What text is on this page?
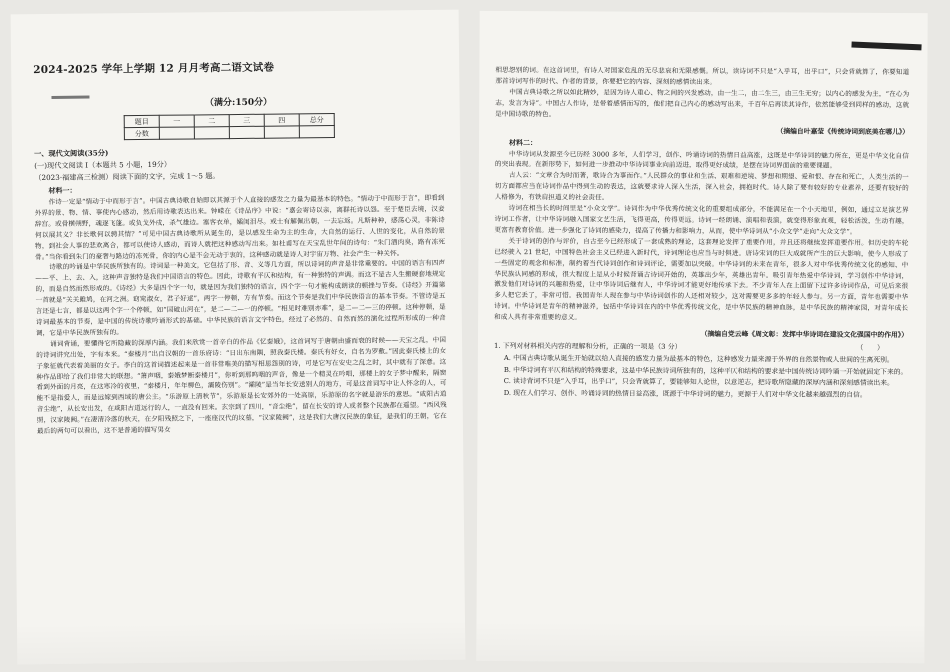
2024-2025 学年上学期 12 月月考高二语文试卷
（满分:150分）
题目	一	二	三	四	总分
分数					
一、现代文阅读(35分)
(一)现代文阅读 I（本题共 5 小题，19分）
（2023·福建高三检测）阅读下面的文字，完成 1～5 题。
材料一：

作诗一定是“情动于中而形于言”。中国古典诗歌自始即以其源于个人直接的感发之力量为最基本的特色。“情动于中而形于言”，即看到外界的景、物、情、事使内心感动，然后用诗歌表达出来。钟嵘在《诗品序》中说：“嘉会寄诗以亲，离群托诗以怨。至于楚臣去境，汉妾辞宫。或骨横朔野，魂逐飞蓬。或负戈外戍，杀气雄边。塞客衣单，孀闺泪尽。或士有解佩出朝，一去忘返。凡斯种种，感荡心灵，非陈诗何以展其义？非长歌何以骋其情？”可见中国古典诗歌所从诞生的，是以感发生命为主的生命，大自然的运行、人世的变化，从自然的景物，到社会人事的悲欢离合，都可以使诗人感动，而诗人就把这种感动写出来。如杜甫写在天宝乱世年间的诗句：“朱门酒肉臭，路有冻死骨。”当你看到朱门的豪奢与路边的冻死骨，你的内心是不会无动于衷的，这种感动就是诗人对宇宙万物、社会产生一种关怀。

诗歌的吟诵是中华民族所独有的。诗词是一种美文，它包括了形、音、义等几方面，所以诗词的声音是非常重要的。中国的语言有四声——平、上、去、入，这种声音独特是我们中国语言的特色。因此，诗歌有平仄和结构，有一种独特的声调。而这不是古人生搬硬套地规定的，而是自然而然形成的。《诗经》大多是四个字一句，就是因为我们独特的语言，四个字一句才能构成朗读的顿挫与节奏。《诗经》开篇第一首就是“关关雎鸠，在河之洲。窈窕淑女，君子好逑”，两字一停顿，方有节奏。而这个节奏是我们中华民族语言的基本节奏。不管诗是五言还是七言，都是以这两个字一个停顿，如“国破山河在”，是二—二—一的停顿。“相见时难别亦难”，是二—二—三的停顿。这种停顿，是诗词最基本的节奏，是中国的传统诗歌吟诵形式的基础。中华民族的语言文字特色，经过了必然的、自然而然的演化过程所形成的一种音调，它是中华民族所独有的。

诵词背诵，要懂得它所隐藏的深厚内涵。我们来欣赏一首辛白的作品《忆秦娥》，这首词写于唐朝由盛而衰的时候——天宝之乱，中国的诗词讲究出处，字有本来。“秦楼月”出自汉朝的一首乐府诗：“日出东南隅，照我秦氏楼。秦氏有好女，自名为罗敷。”因此秦氏楼上的女子象征就代表着美丽的女子。李白的这首词描述起来是一首非常唯美的描写相思怨别的诗，可是它写在安史之乱之时，其中就有了深意。这种作品即给了我们非常大的联想。“箫声咽，秦娥梦断秦楼月”，你听到那呜咽的声音，像是一个精灵在吟唱，那楼上的女子梦中醒来，隔窗看到外面的月亮，在这寒冷的夜里，“秦楼月，年年柳色，灞陵伤别”。“灞陵”是当年长安送别人的地方，可是这首词写中让人怀念的人，可能不是指爱人，而是远嫁到西域的唐公主。“乐游原上清秋节”，乐游原是长安郊外的一处高原，乐游原的名字就是游乐的意思。“咸阳古道音尘绝”，从长安出发，在咸阳古道远行的人，一直没有回来。玄宗到了四川，“音尘绝”，留在长安的诗人或者整个民族都在遥望。“西风残照，汉家陵阙。”在凄清冷落的秋天，在夕阳残照之下，一座座汉代的坟墓，“汉家陵阙”，这是我们大唐汉民族的象征，是我们的王朝，它在最后的两句可以看出，这不是普通的描写男女

相思怨别的词。在这首词里，有诗人对国家危乱的无尽悲哀和无限感慨。所以，读诗词不只是“入乎耳，出乎口”，只会背就算了，你要知道那首诗词写作的时代、作者的背景，你要把它的内容、深刻的感情读出来。

中国古典诗歌之所以如此精妙，是因为诗人重心、物之间的兴发感动，由一生二，由二生三，由三生无穷；以内心的感发为主，“在心为志，发言为诗”。中国古人作诗，是带着感情而写的，他们把自己内心的感动写出来，千百年后再读其诗作，依然能够受到同样的感动，这就是中国诗歌的特色。

（摘编自叶嘉莹《传统诗词到底美在哪儿》）
材料二：

中华诗词从发源至今已历经 3000 多年，人们学习，创作、吟诵诗词的热情日益高涨，这既是中华诗词的魅力所在，更是中华文化自信的突出表现。在新形势下，如何进一步推动中华诗词事业向前迈进，取得更好成绩，是摆在诗词界面前的重要课题。

古人云：“文章合为时而著，歌诗合为事而作。”人民群众的事业和生活、艰难和逆境、梦想和期望、爱和恨、存在和死亡，人类生活的一切方面都应当在诗词作品中得到生动的表达，这就要求诗人深入生活，深入社会，拥抱时代。诗人除了要有较好的专业素养，还要有较好的人格修为，有铁肩担道义的社会责任。

诗词在相当长的时间里是“小众文学”。诗词作为中华优秀传统文化的重要组成部分，不能满足在一个小天地里，例如，通过立足演艺界诗词工作者，让中华诗词融入国家文艺生活，飞得更高，传得更远。诗词一经朗诵、演唱和表演，就变得形象直观，轻松活泼，生动有趣，更富有教育价值。进一步强化了诗词的感染力，提高了传播力和影响力，从而，使中华诗词从“小众文学”走向“大众文学”。

关于诗词的创作与评价，自古至今已经形成了一套成熟的理论，这套理论发挥了重要作用，并且还将继续发挥重要作用。但历史的车轮已经驶入 21 世纪，中国特色社会主义已经进入新时代，诗词理论也应当与时俱进。唐诗宋词的巨大成就所产生的巨大影响，使今人形成了一些固定的观念和标准，制约着当代诗词创作和诗词评论，需要加以突破。中华诗词的未来在青年，很多人对中华优秀传统文化的感知、中华民族认同感的形成，很大程度上是从小时候背诵古诗词开始的，英雄出少年，英雄出青年。吸引青年热爱中华诗词，学习创作中华诗词，激发他们对诗词的兴趣和热爱，让中华诗词后继有人，中华诗词才能更好地传承下去。不少青年人在上面留下过许多诗词作品，可见后来很多人把它丢了，非常可惜。我国青年人现在参与中华诗词创作的人还相对较少，这对需要更多多的年轻人参与。另一方面，青年也需要中华诗词。中华诗词是青年的精神滋养，包括中华诗词在内的中华优秀传统文化，是中华民族的精神血脉，是中华民族的精神家园，对青年成长和成人具有非常重要的意义。

（摘编自党云峰《周文彰：发挥中华诗词在建设文化强国中的作用》）
1. 下列对材料相关内容的理解和分析，正确的一项是（3 分）	（　　）
A. 中国古典诗歌从诞生开始就以给人直接的感发力量为最基本的特色，这种感发力量来源于外界的自然景物或人世间的生离死别。
B. 中华诗词有平仄和结构的特殊要求，这是中华民族诗词所独有的，这种平仄和结构的要求是中国传统诗词吟诵一开始就固定下来的。
C. 读诗背词不只是“入乎耳，出乎口”，只会背就算了，要能够知人论世，以意逆志，把诗歌所隐藏的深厚内涵和深刻感情读出来。
D. 现在人们学习、创作、吟诵诗词的热情日益高涨，既源于中华诗词的魅力，更源于人们对中华文化越来越强烈的自信。
